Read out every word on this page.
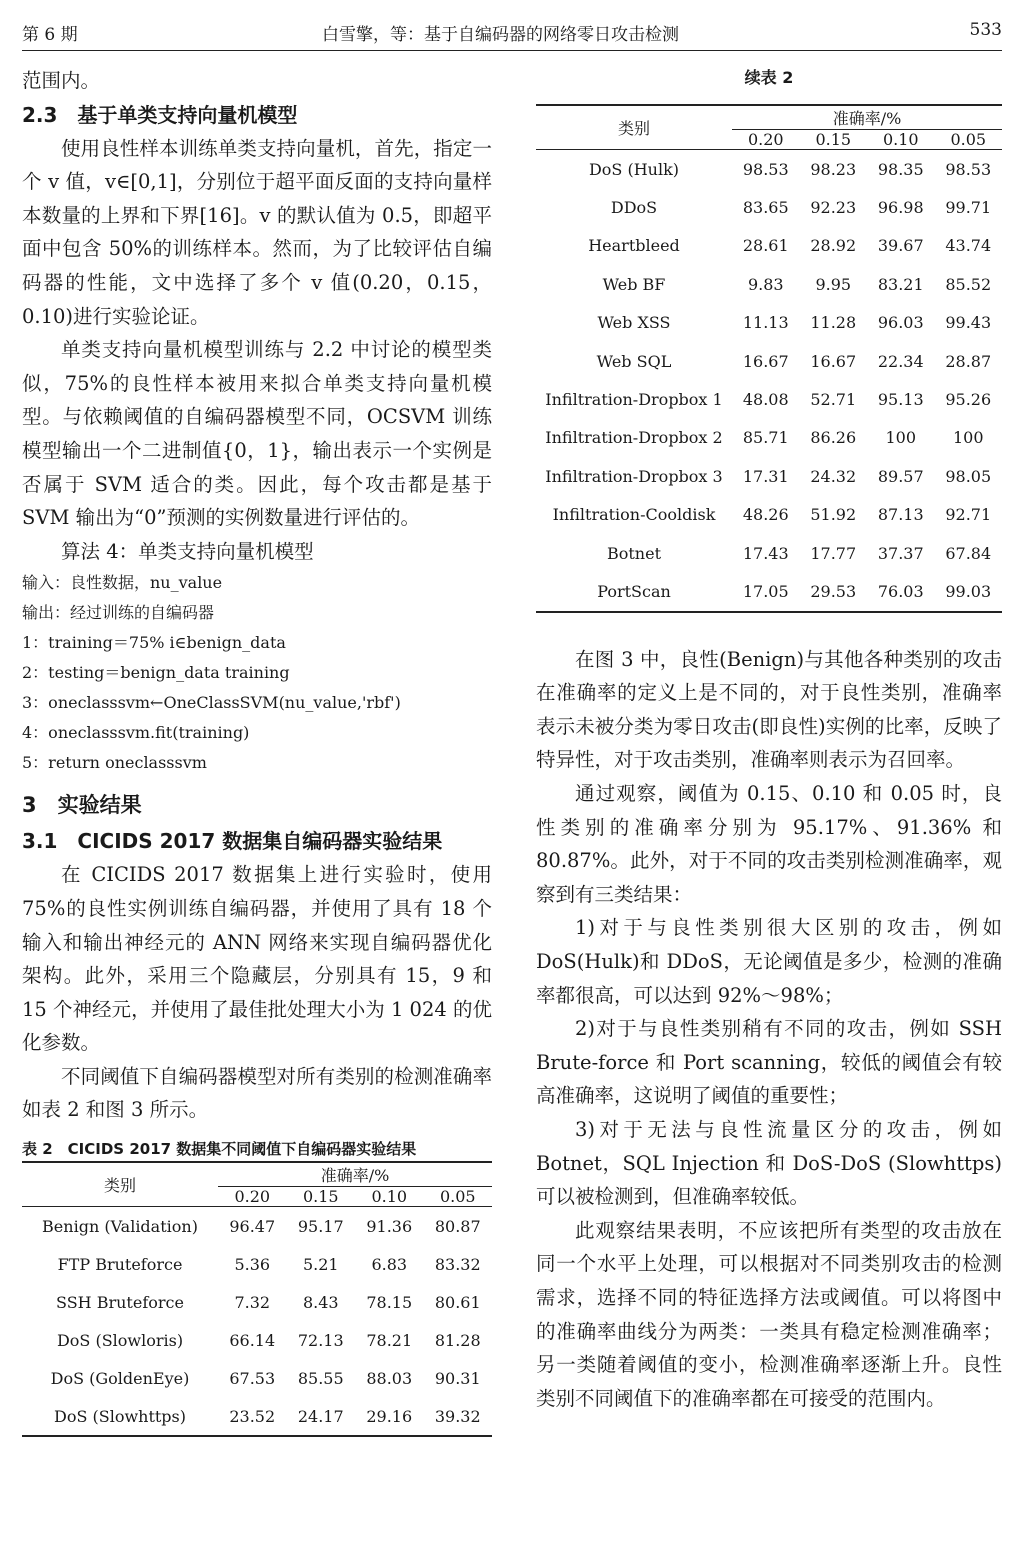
第 6 期	白雪擎，等：基于自编码器的网络零日攻击检测	533

范围内。

2.3　基于单类支持向量机模型

使用良性样本训练单类支持向量机，首先，指定一个 v 值，v∈[0,1]，分别位于超平面反面的支持向量样本数量的上界和下界[16]。v 的默认值为 0.5，即超平面中包含 50%的训练样本。然而，为了比较评估自编码器的性能，文中选择了多个 v 值(0.20，0.15，0.10)进行实验论证。

单类支持向量机模型训练与 2.2 中讨论的模型类似，75%的良性样本被用来拟合单类支持向量机模型。与依赖阈值的自编码器模型不同，OCSVM 训练模型输出一个二进制值{0，1}，输出表示一个实例是否属于 SVM 适合的类。因此，每个攻击都是基于 SVM 输出为“0”预测的实例数量进行评估的。

算法 4：单类支持向量机模型

输入：良性数据，nu_value

输出：经过训练的自编码器

1：training＝75% i∈benign_data

2：testing＝benign_data training

3：oneclasssvm←OneClassSVM(nu_value,'rbf')

4：oneclasssvm.fit(training)

5：return oneclasssvm

3　实验结果
3.1　CICIDS 2017 数据集自编码器实验结果

在 CICIDS 2017 数据集上进行实验时，使用 75%的良性实例训练自编码器，并使用了具有 18 个输入和输出神经元的 ANN 网络来实现自编码器优化架构。此外，采用三个隐藏层，分别具有 15，9 和 15 个神经元，并使用了最佳批处理大小为 1 024 的优化参数。

不同阈值下自编码器模型对所有类别的检测准确率如表 2 和图 3 所示。

表 2　CICIDS 2017 数据集不同阈值下自编码器实验结果
类别	准确率/%			
	0.20	0.15	0.10	0.05
Benign (Validation)	96.47	95.17	91.36	80.87
FTP Bruteforce	5.36	5.21	6.83	83.32
SSH Bruteforce	7.32	8.43	78.15	80.61
DoS (Slowloris)	66.14	72.13	78.21	81.28
DoS (GoldenEye)	67.53	85.55	88.03	90.31
DoS (Slowhttps)	23.52	24.17	29.16	39.32
续表 2
类别	准确率/%			
	0.20	0.15	0.10	0.05
DoS (Hulk)	98.53	98.23	98.35	98.53
DDoS	83.65	92.23	96.98	99.71
Heartbleed	28.61	28.92	39.67	43.74
Web BF	9.83	9.95	83.21	85.52
Web XSS	11.13	11.28	96.03	99.43
Web SQL	16.67	16.67	22.34	28.87
Infiltration-Dropbox 1	48.08	52.71	95.13	95.26
Infiltration-Dropbox 2	85.71	86.26	100	100
Infiltration-Dropbox 3	17.31	24.32	89.57	98.05
Infiltration-Cooldisk	48.26	51.92	87.13	92.71
Botnet	17.43	17.77	37.37	67.84
PortScan	17.05	29.53	76.03	99.03

在图 3 中，良性(Benign)与其他各种类别的攻击在准确率的定义上是不同的，对于良性类别，准确率表示未被分类为零日攻击(即良性)实例的比率，反映了特异性，对于攻击类别，准确率则表示为召回率。

通过观察，阈值为 0.15、0.10 和 0.05 时，良性类别的准确率分别为 95.17%、91.36% 和 80.87%。此外，对于不同的攻击类别检测准确率，观察到有三类结果：

1)对于与良性类别很大区别的攻击，例如 DoS(Hulk)和 DDoS，无论阈值是多少，检测的准确率都很高，可以达到 92%～98%；

2)对于与良性类别稍有不同的攻击，例如 SSH Brute-force 和 Port scanning，较低的阈值会有较高准确率，这说明了阈值的重要性；

3)对于无法与良性流量区分的攻击，例如 Botnet，SQL Injection 和 DoS-DoS (Slowhttps) 可以被检测到，但准确率较低。

此观察结果表明，不应该把所有类型的攻击放在同一个水平上处理，可以根据对不同类别攻击的检测需求，选择不同的特征选择方法或阈值。可以将图中的准确率曲线分为两类：一类具有稳定检测准确率；另一类随着阈值的变小，检测准确率逐渐上升。良性类别不同阈值下的准确率都在可接受的范围内。
